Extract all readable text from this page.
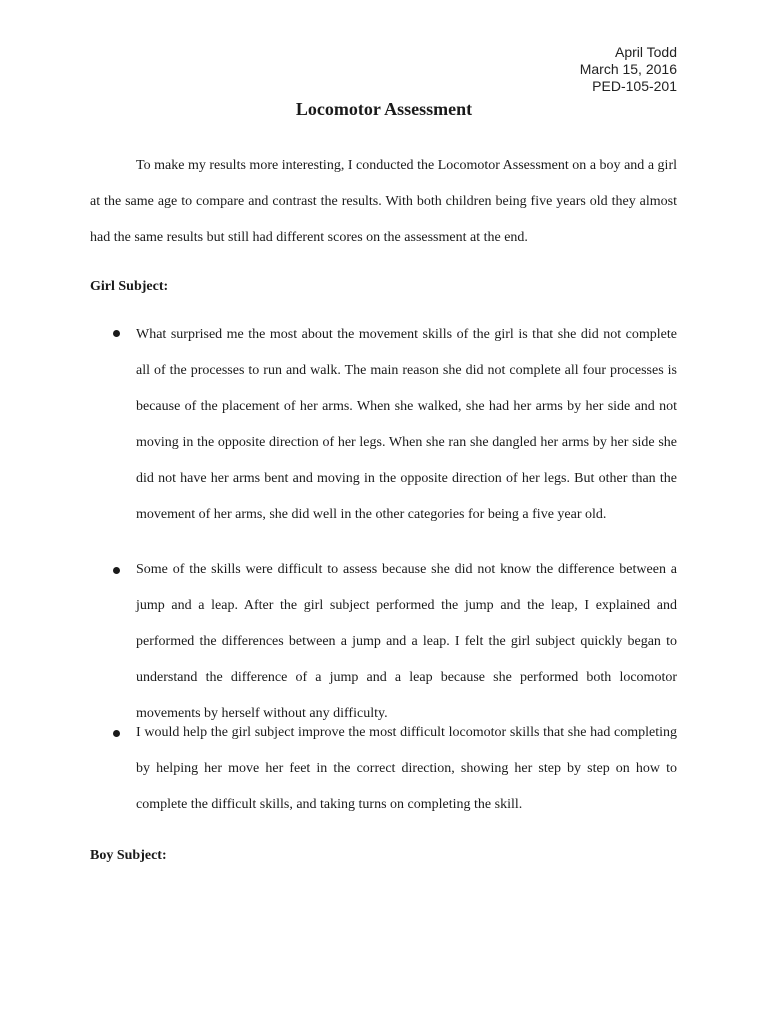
April Todd
March 15, 2016
PED-105-201
Locomotor Assessment
To make my results more interesting, I conducted the Locomotor Assessment on a boy and a girl at the same age to compare and contrast the results. With both children being five years old they almost had the same results but still had different scores on the assessment at the end.
Girl Subject:
What surprised me the most about the movement skills of the girl is that she did not complete all of the processes to run and walk. The main reason she did not complete all four processes is because of the placement of her arms. When she walked, she had her arms by her side and not moving in the opposite direction of her legs. When she ran she dangled her arms by her side she did not have her arms bent and moving in the opposite direction of her legs. But other than the movement of her arms, she did well in the other categories for being a five year old.
Some of the skills were difficult to assess because she did not know the difference between a jump and a leap. After the girl subject performed the jump and the leap, I explained and performed the differences between a jump and a leap. I felt the girl subject quickly began to understand the difference of a jump and a leap because she performed both locomotor movements by herself without any difficulty.
I would help the girl subject improve the most difficult locomotor skills that she had completing by helping her move her feet in the correct direction, showing her step by step on how to complete the difficult skills, and taking turns on completing the skill.
Boy Subject:
